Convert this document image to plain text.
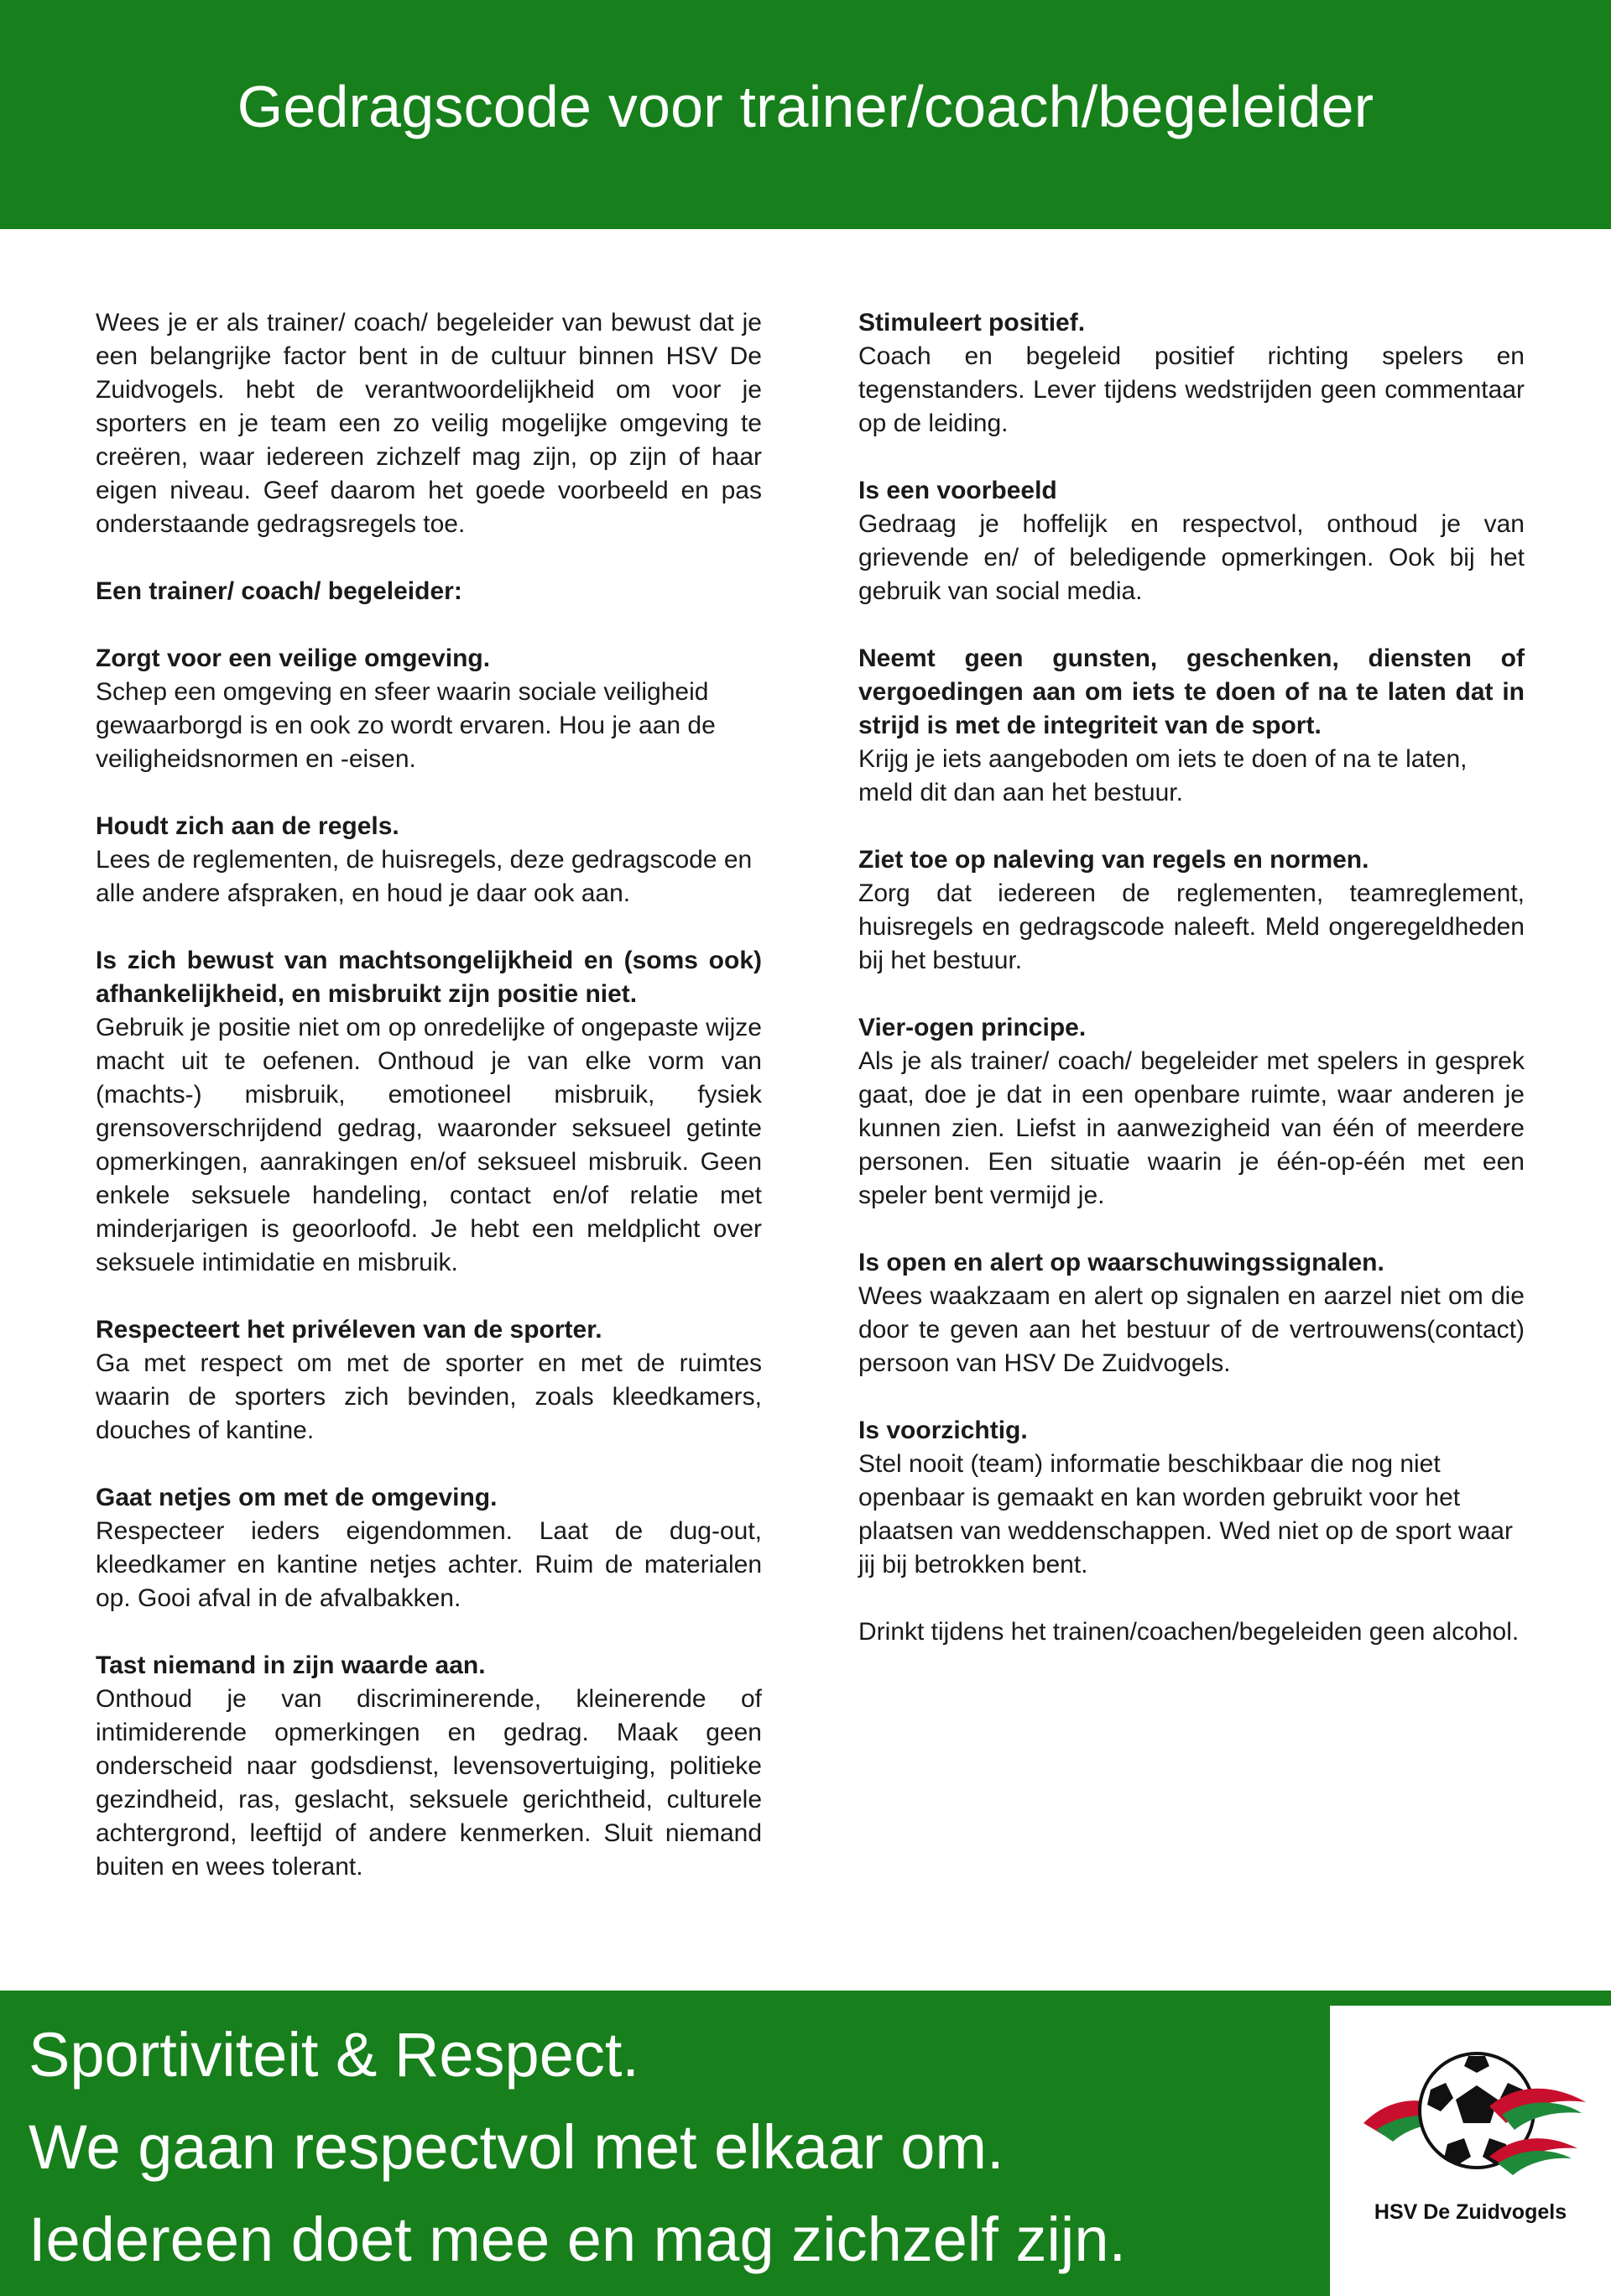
Gedragscode voor trainer/coach/begeleider

Wees je er als trainer/ coach/ begeleider van bewust dat je een belangrijke factor bent in de cultuur binnen HSV De Zuidvogels. hebt de verantwoordelijkheid om voor je sporters en je team een zo veilig mogelijke omgeving te creëren, waar iedereen zichzelf mag zijn, op zijn of haar eigen niveau. Geef daarom het goede voorbeeld en pas onderstaande gedragsregels toe.

Een trainer/ coach/ begeleider:
Zorgt voor een veilige omgeving.
Schep een omgeving en sfeer waarin sociale veiligheid gewaarborgd is en ook zo wordt ervaren. Hou je aan de veiligheidsnormen en -eisen.
Houdt zich aan de regels.
Lees de reglementen, de huisregels, deze gedragscode en alle andere afspraken, en houd je daar ook aan.
Is zich bewust van machtsongelijkheid en (soms ook) afhankelijkheid, en misbruikt zijn positie niet.
Gebruik je positie niet om op onredelijke of ongepaste wijze macht uit te oefenen. Onthoud je van elke vorm van (machts-) misbruik, emotioneel misbruik, fysiek grensoverschrijdend gedrag, waaronder seksueel getinte opmerkingen, aanrakingen en/of seksueel misbruik. Geen enkele seksuele handeling, contact en/of relatie met minderjarigen is geoorloofd. Je hebt een meldplicht over seksuele intimidatie en misbruik.
Respecteert het privéleven van de sporter.
Ga met respect om met de sporter en met de ruimtes waarin de sporters zich bevinden, zoals kleedkamers, douches of kantine.
Gaat netjes om met de omgeving.
Respecteer ieders eigendommen. Laat de dug-out, kleedkamer en kantine netjes achter. Ruim de materialen op. Gooi afval in de afvalbakken.
Tast niemand in zijn waarde aan.
Onthoud je van discriminerende, kleinerende of intimiderende opmerkingen en gedrag. Maak geen onderscheid naar godsdienst, levensovertuiging, politieke gezindheid, ras, geslacht, seksuele gerichtheid, culturele achtergrond, leeftijd of andere kenmerken. Sluit niemand buiten en wees tolerant.
Stimuleert positief.
Coach en begeleid positief richting spelers en tegenstanders. Lever tijdens wedstrijden geen commentaar op de leiding.
Is een voorbeeld
Gedraag je hoffelijk en respectvol, onthoud je van grievende en/ of beledigende opmerkingen. Ook bij het gebruik van social media.
Neemt geen gunsten, geschenken, diensten of vergoedingen aan om iets te doen of na te laten dat in strijd is met de integriteit van de sport.
Krijg je iets aangeboden om iets te doen of na te laten, meld dit dan aan het bestuur.
Ziet toe op naleving van regels en normen.
Zorg dat iedereen de reglementen, teamreglement, huisregels en gedragscode naleeft. Meld ongeregeldheden bij het bestuur.
Vier-ogen principe.
Als je als trainer/ coach/ begeleider met spelers in gesprek gaat, doe je dat in een openbare ruimte, waar anderen je kunnen zien. Liefst in aanwezigheid van één of meerdere personen. Een situatie waarin je één-op-één met een speler bent vermijd je.
Is open en alert op waarschuwingssignalen.
Wees waakzaam en alert op signalen en aarzel niet om die door te geven aan het bestuur of de vertrouwens(contact) persoon van HSV De Zuidvogels.
Is voorzichtig.
Stel nooit (team) informatie beschikbaar die nog niet openbaar is gemaakt en kan worden gebruikt voor het plaatsen van weddenschappen. Wed niet op de sport waar jij bij betrokken bent.

Drinkt tijdens het trainen/coachen/begeleiden geen alcohol.

Sportiviteit & Respect.
We gaan respectvol met elkaar om.
Iedereen doet mee en mag zichzelf zijn.	HSV De Zuidvogels
